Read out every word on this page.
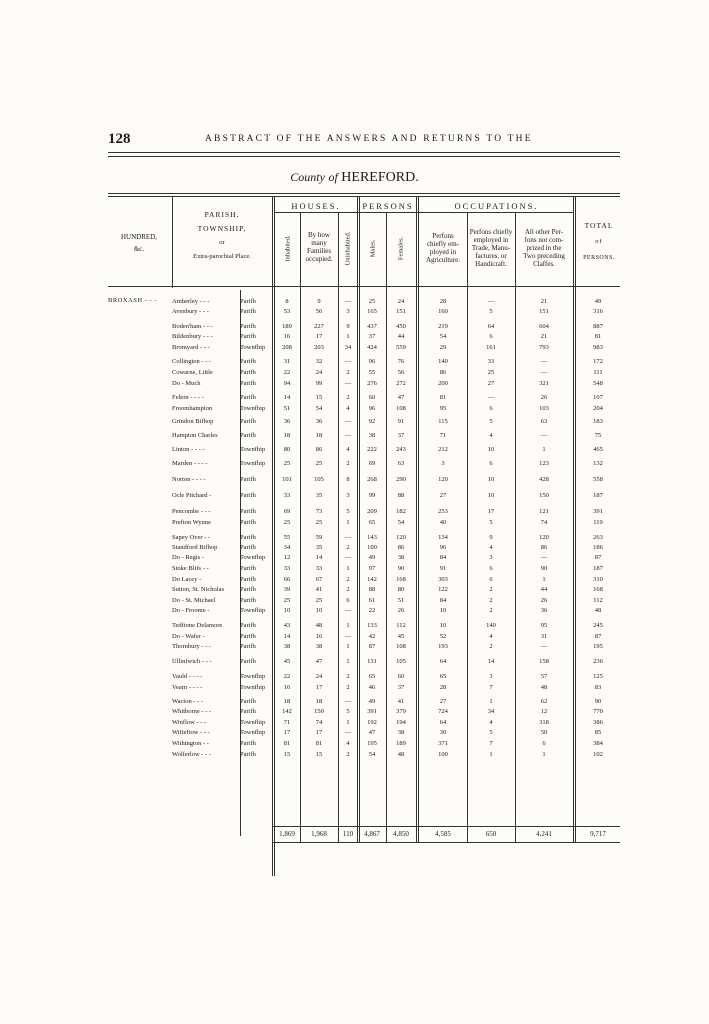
128	ABSTRACT OF THE ANSWERS AND RETURNS TO THE
County of HEREFORD.
HUNDRED,
&c.
PARISH,
TOWNSHIP,
or
Extra-parochial Place.
HOUSES.	PERSONS	OCCUPATIONS.
Inhabited.
By how
many
Families
occupied.	Uninhabited.	Males.	Females.
Perfons
chiefly em-
ployed in
Agriculture.
Perfons chiefly
employed in
Trade, Manu-
factures, or
Handicraft.
All other Per-
fons not com-
prized in the
Two preceding
Claffes.
TOTAL
of
PERSONS.
BROXASH - - - Amberley - - -	Parifh	8	9	—	25	24	28	—	21	49
Avenbury - - -	Parifh	53	56	3	165	151	160	5	151	316
Boden'ham - - -	Parifh	189	227	9	437	450	219	64	604	887
Bildenbury - - -	Parifh	16	17	1	37	44	54	6	21	81
Bromyard - - -	Townfhip	208	203	34	424	559	29	161	793	983
Collington - - -	Parifh	31	32	—	96	76	140	33	—	172
Cowarne, Little	Parifh	22	24	2	55	56	86	25	—	111
Do - Much	Parifh	94	99	—	276	272	200	27	321	548
Felton - - - -	Parifh	14	15	2	60	47	81	—	26	107
Froomhampton	Townfhip	51	54	4	96	108	95	6	103	204
Grindon Bifhop	Parifh	36	36	—	92	91	115	5	63	183
Hampton Charles	Parifh	18	18	—	38	37	71	4	—	75
Linton - - - -	Townfhip	80	86	4	222	243	212	10	1	465
Marden - - - -	Townfhip	25	25	2	69	63	3	6	123	132
Norton - - - -	Parifh	101	105	8	268	290	120	10	428	558
Ocle Pitchard -	Parifh	33	35	3	99	88	27	10	150	187
Pencombe - - -	Parifh	69	73	5	209	182	253	17	121	391
Prefton Wynne	Parifh	25	25	1	65	54	40	5	74	119
Sapey Over - -	Parifh	55	59	—	143	120	134	9	120	263
Standford Bifhop	Parifh	34	35	2	100	86	96	4	86	186
Do - Regis -	Townfhip	12	14	—	49	38	84	3	—	87
Stoke Blifs - -	Parifh	33	33	1	97	90	91	6	90	187
Do Lacey -	Parifh	66	67	2	142	168	303	6	1	310
Sutton, St. Nicholas	Parifh	39	41	2	88	80	122	2	44	168
Do - St. Michael	Parifh	25	25	6	61	51	84	2	26	112
Do - Froome -	Townfhip	10	10	—	22	26	10	2	36	48
Tedftone Delamore	Parifh	43	48	1	133	112	10	140	95	245
Do - Wafer -	Parifh	14	16	—	42	45	52	4	31	87
Thornbury - - -	Parifh	38	38	1	87	108	193	2	—	195
Ullinfwich - - -	Parifh	45	47	1	131	105	64	14	158	236
Vauld - - - -	Townfhip	22	24	2	65	60	65	3	57	125
Vearn - - - -	Townfhip	16	17	2	46	37	28	7	48	83
Wacton - - -	Parifh	18	18	—	49	41	27	1	62	90
Whitborne - - -	Parifh	142	150	5	391	379	724	34	12	770
Winflow - - -	Townfhip	71	74	1	192	194	64	4	318	386
Wifteftow - - -	Townfhip	17	17	—	47	38	30	5	50	85
Withington - -	Parifh	81	81	4	195	189	371	7	6	384
Wolferlow - - -	Parifh	15	15	2	54	48	100	1	1	102
1,869	1,968	110	4,867	4,850	4,585	650	4,241	9,717
